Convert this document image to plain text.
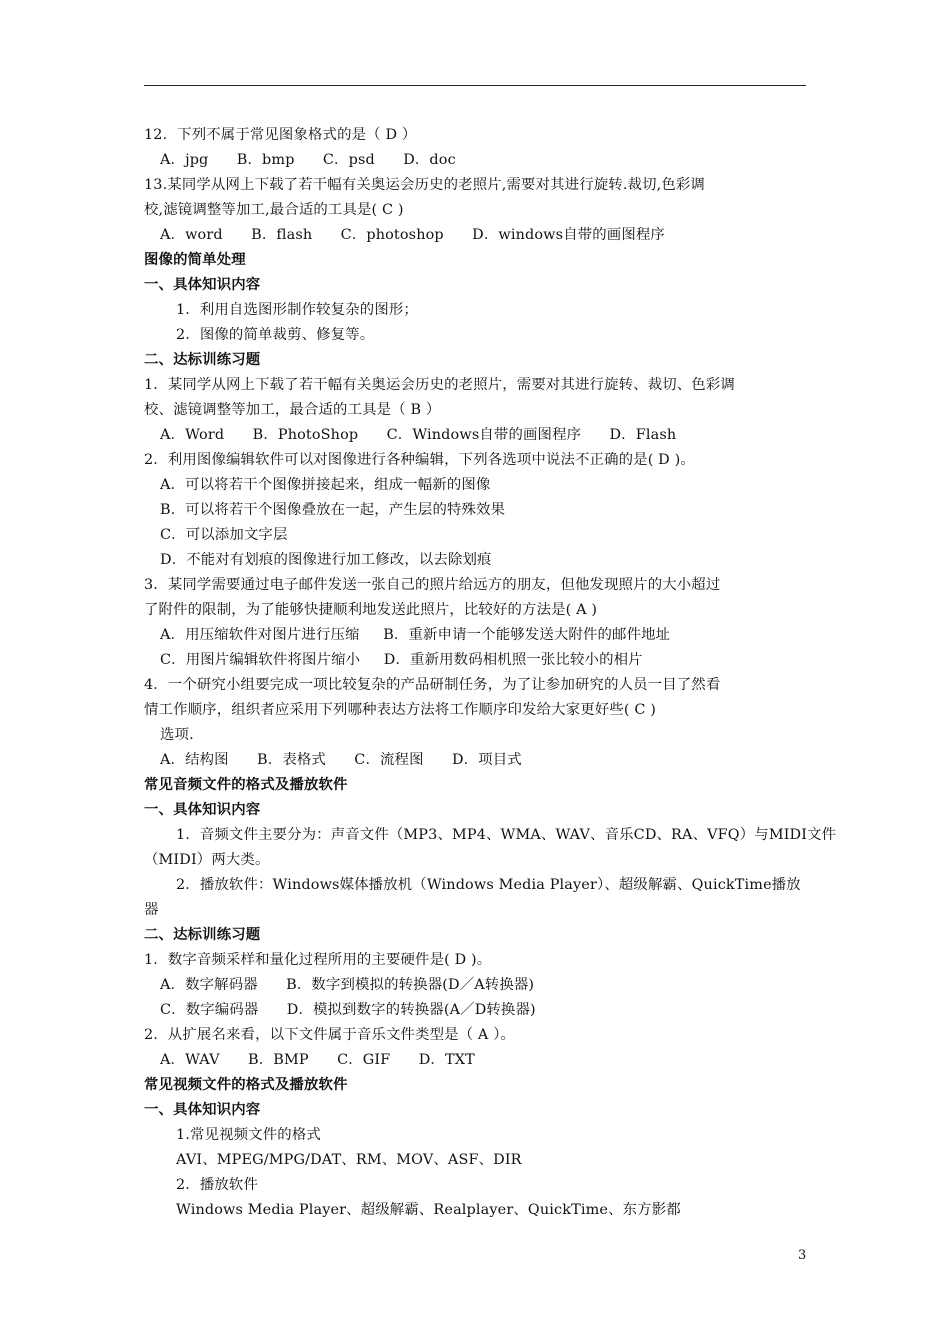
12．下列不属于常见图象格式的是（ D ）
A．jpg      B．bmp      C．psd      D．doc
13.某同学从网上下载了若干幅有关奥运会历史的老照片,需要对其进行旋转.裁切,色彩调
校,滤镜调整等加工,最合适的工具是( C )
A．word      B．flash      C．photoshop      D．windows自带的画图程序
图像的简单处理
一、具体知识内容
1．利用自选图形制作较复杂的图形；
2．图像的简单裁剪、修复等。
二、达标训练习题
1．某同学从网上下载了若干幅有关奥运会历史的老照片，需要对其进行旋转、裁切、色彩调
校、滤镜调整等加工，最合适的工具是（ B ）
A．Word      B．PhotoShop      C．Windows自带的画图程序      D．Flash
2．利用图像编辑软件可以对图像进行各种编辑，下列各选项中说法不正确的是( D )。
A．可以将若干个图像拼接起来，组成一幅新的图像
B．可以将若干个图像叠放在一起，产生层的特殊效果
C．可以添加文字层
D．不能对有划痕的图像进行加工修改，以去除划痕
3．某同学需要通过电子邮件发送一张自己的照片给远方的朋友，但他发现照片的大小超过
了附件的限制，为了能够快捷顺利地发送此照片，比较好的方法是( A )
A．用压缩软件对图片进行压缩     B．重新申请一个能够发送大附件的邮件地址
C．用图片编辑软件将图片缩小     D．重新用数码相机照一张比较小的相片
4．一个研究小组要完成一项比较复杂的产品研制任务，为了让参加研究的人员一目了然看
情工作顺序，组织者应采用下列哪种表达方法将工作顺序印发给大家更好些( C )
选项.
A．结构图      B．表格式      C．流程图      D．项目式
常见音频文件的格式及播放软件
一、具体知识内容
1．音频文件主要分为：声音文件（MP3、MP4、WMA、WAV、音乐CD、RA、VFQ）与MIDI文件
（MIDI）两大类。
2．播放软件：Windows媒体播放机（Windows Media Player）、超级解霸、QuickTime播放
器
二、达标训练习题
1．数字音频采样和量化过程所用的主要硬件是( D )。
A．数字解码器      B．数字到模拟的转换器(D／A转换器)
C．数字编码器      D．模拟到数字的转换器(A／D转换器)
2．从扩展名来看，以下文件属于音乐文件类型是（ A ）。
A．WAV      B．BMP      C．GIF      D．TXT
常见视频文件的格式及播放软件
一、具体知识内容
1.常见视频文件的格式
AVI、MPEG/MPG/DAT、RM、MOV、ASF、DIR
2．播放软件
Windows Media Player、超级解霸、Realplayer、QuickTime、东方影都
3
